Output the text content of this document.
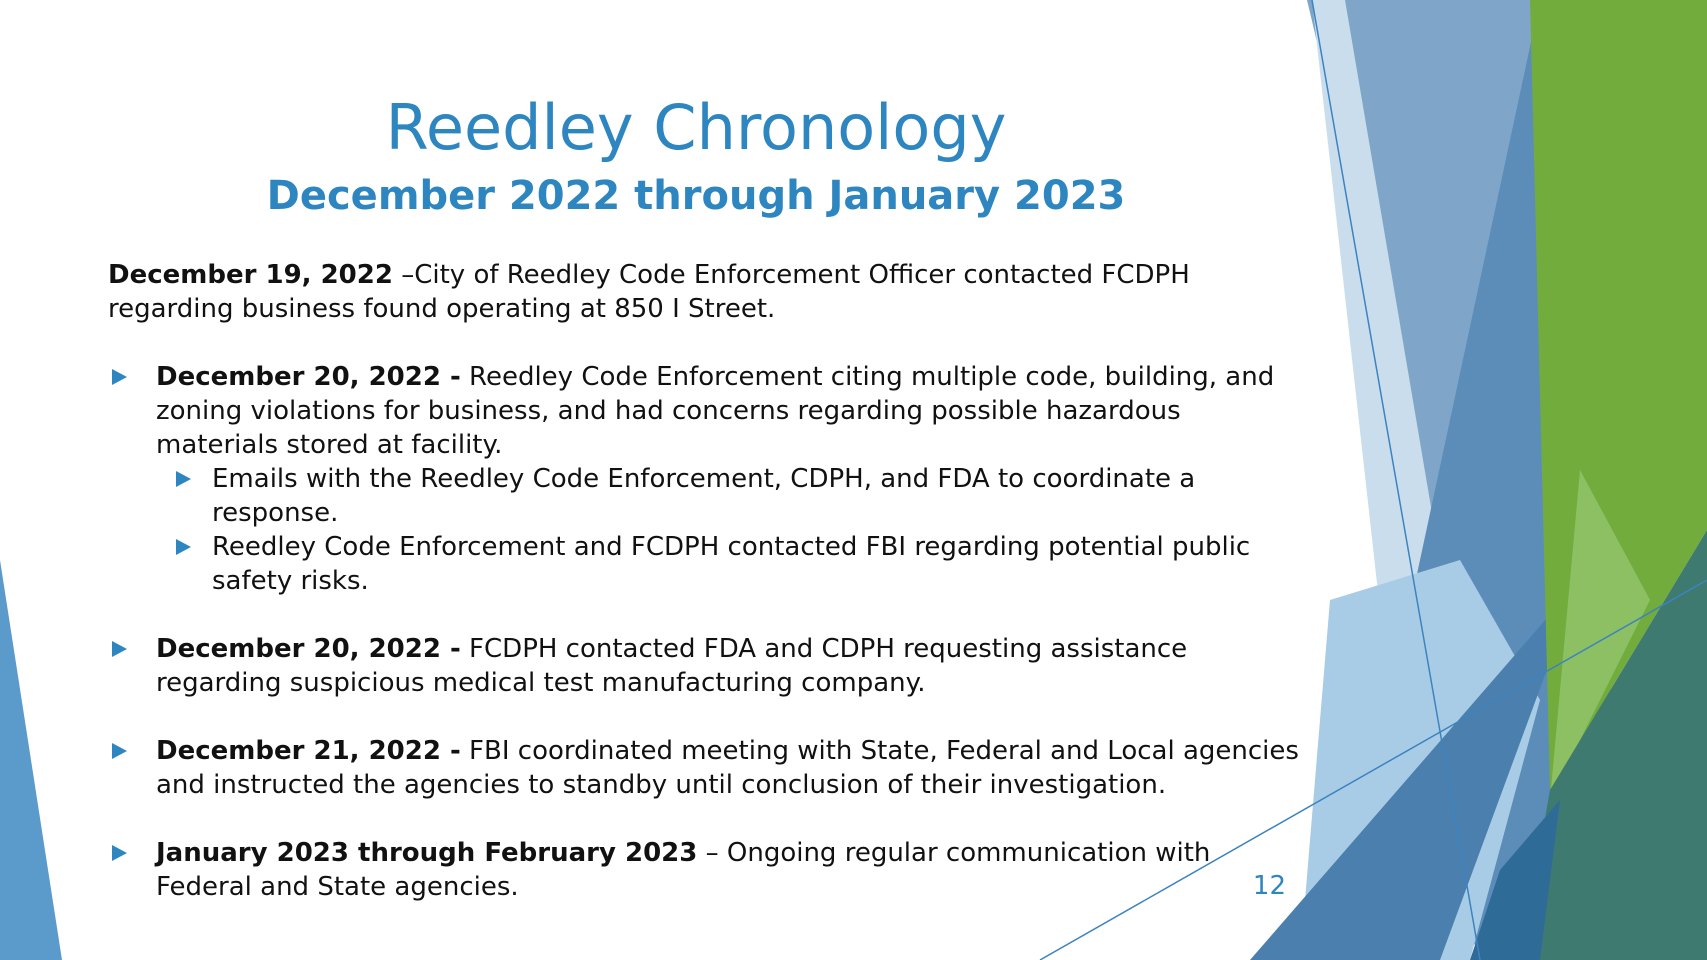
Reedley Chronology
December 2022 through January 2023

December 19, 2022 –City of Reedley Code Enforcement Officer contacted FCDPH regarding business found operating at 850 I Street.

December 20, 2022 - Reedley Code Enforcement citing multiple code, building, and zoning violations for business, and had concerns regarding possible hazardous materials stored at facility.

Emails with the Reedley Code Enforcement, CDPH, and FDA to coordinate a response.

Reedley Code Enforcement and FCDPH contacted FBI regarding potential public safety risks.

December 20, 2022 - FCDPH contacted FDA and CDPH requesting assistance regarding suspicious medical test manufacturing company.

December 21, 2022 - FBI coordinated meeting with State, Federal and Local agencies and instructed the agencies to standby until conclusion of their investigation.

January 2023 through February 2023 – Ongoing regular communication with Federal and State agencies.	12
